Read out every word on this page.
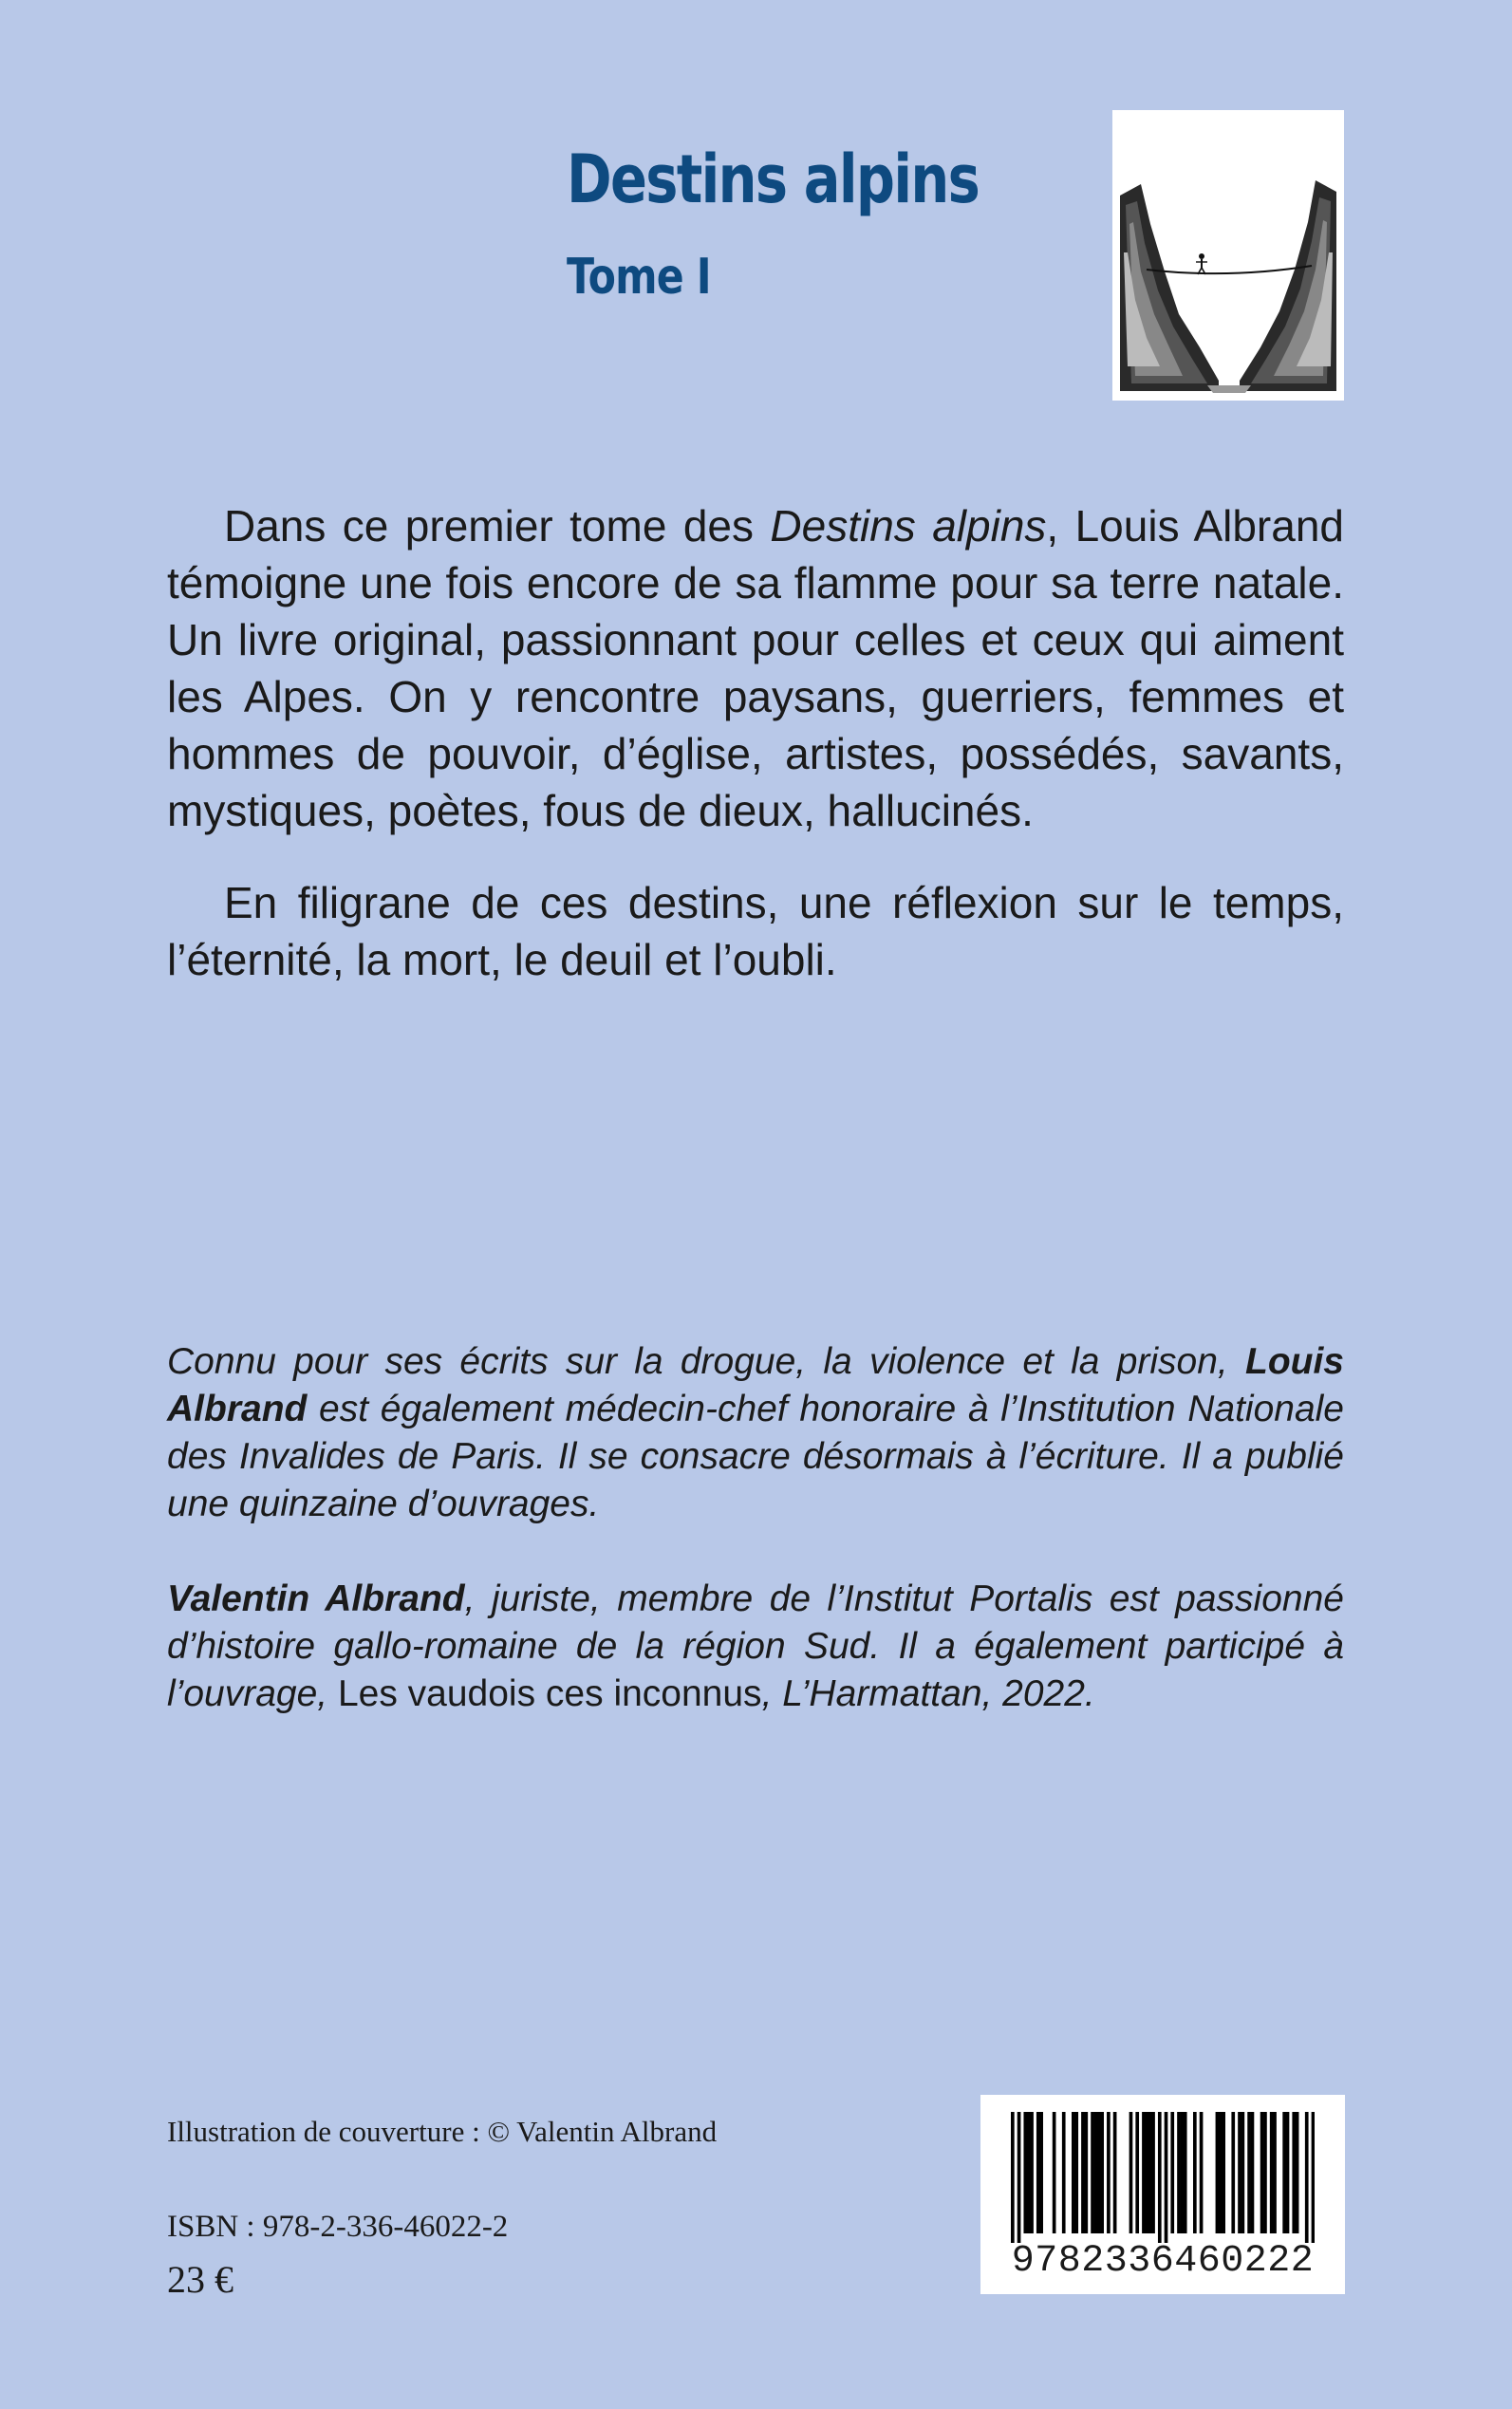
Destins alpins
Tome I

Dans ce premier tome des Destins alpins, Louis Albrand témoigne une fois encore de sa flamme pour sa terre natale. Un livre original, passionnant pour celles et ceux qui aiment les Alpes. On y rencontre paysans, guerriers, femmes et hommes de pouvoir, d’église, artistes, possédés, savants, mystiques, poètes, fous de dieux, hallucinés.

En filigrane de ces destins, une réflexion sur le temps, l’éternité, la mort, le deuil et l’oubli.

Connu pour ses écrits sur la drogue, la violence et la prison, Louis Albrand est également médecin-chef honoraire à l’Institution Nationale des Invalides de Paris. Il se consacre désormais à l’écriture. Il a publié une quinzaine d’ouvrages.

Valentin Albrand, juriste, membre de l’Institut Portalis est passionné d’histoire gallo-romaine de la région Sud. Il a également participé à l’ouvrage, Les vaudois ces inconnus, L’Harmattan, 2022.

Illustration de couverture : © Valentin Albrand
ISBN : 978-2-336-46022-2
23 €	9782336460222
